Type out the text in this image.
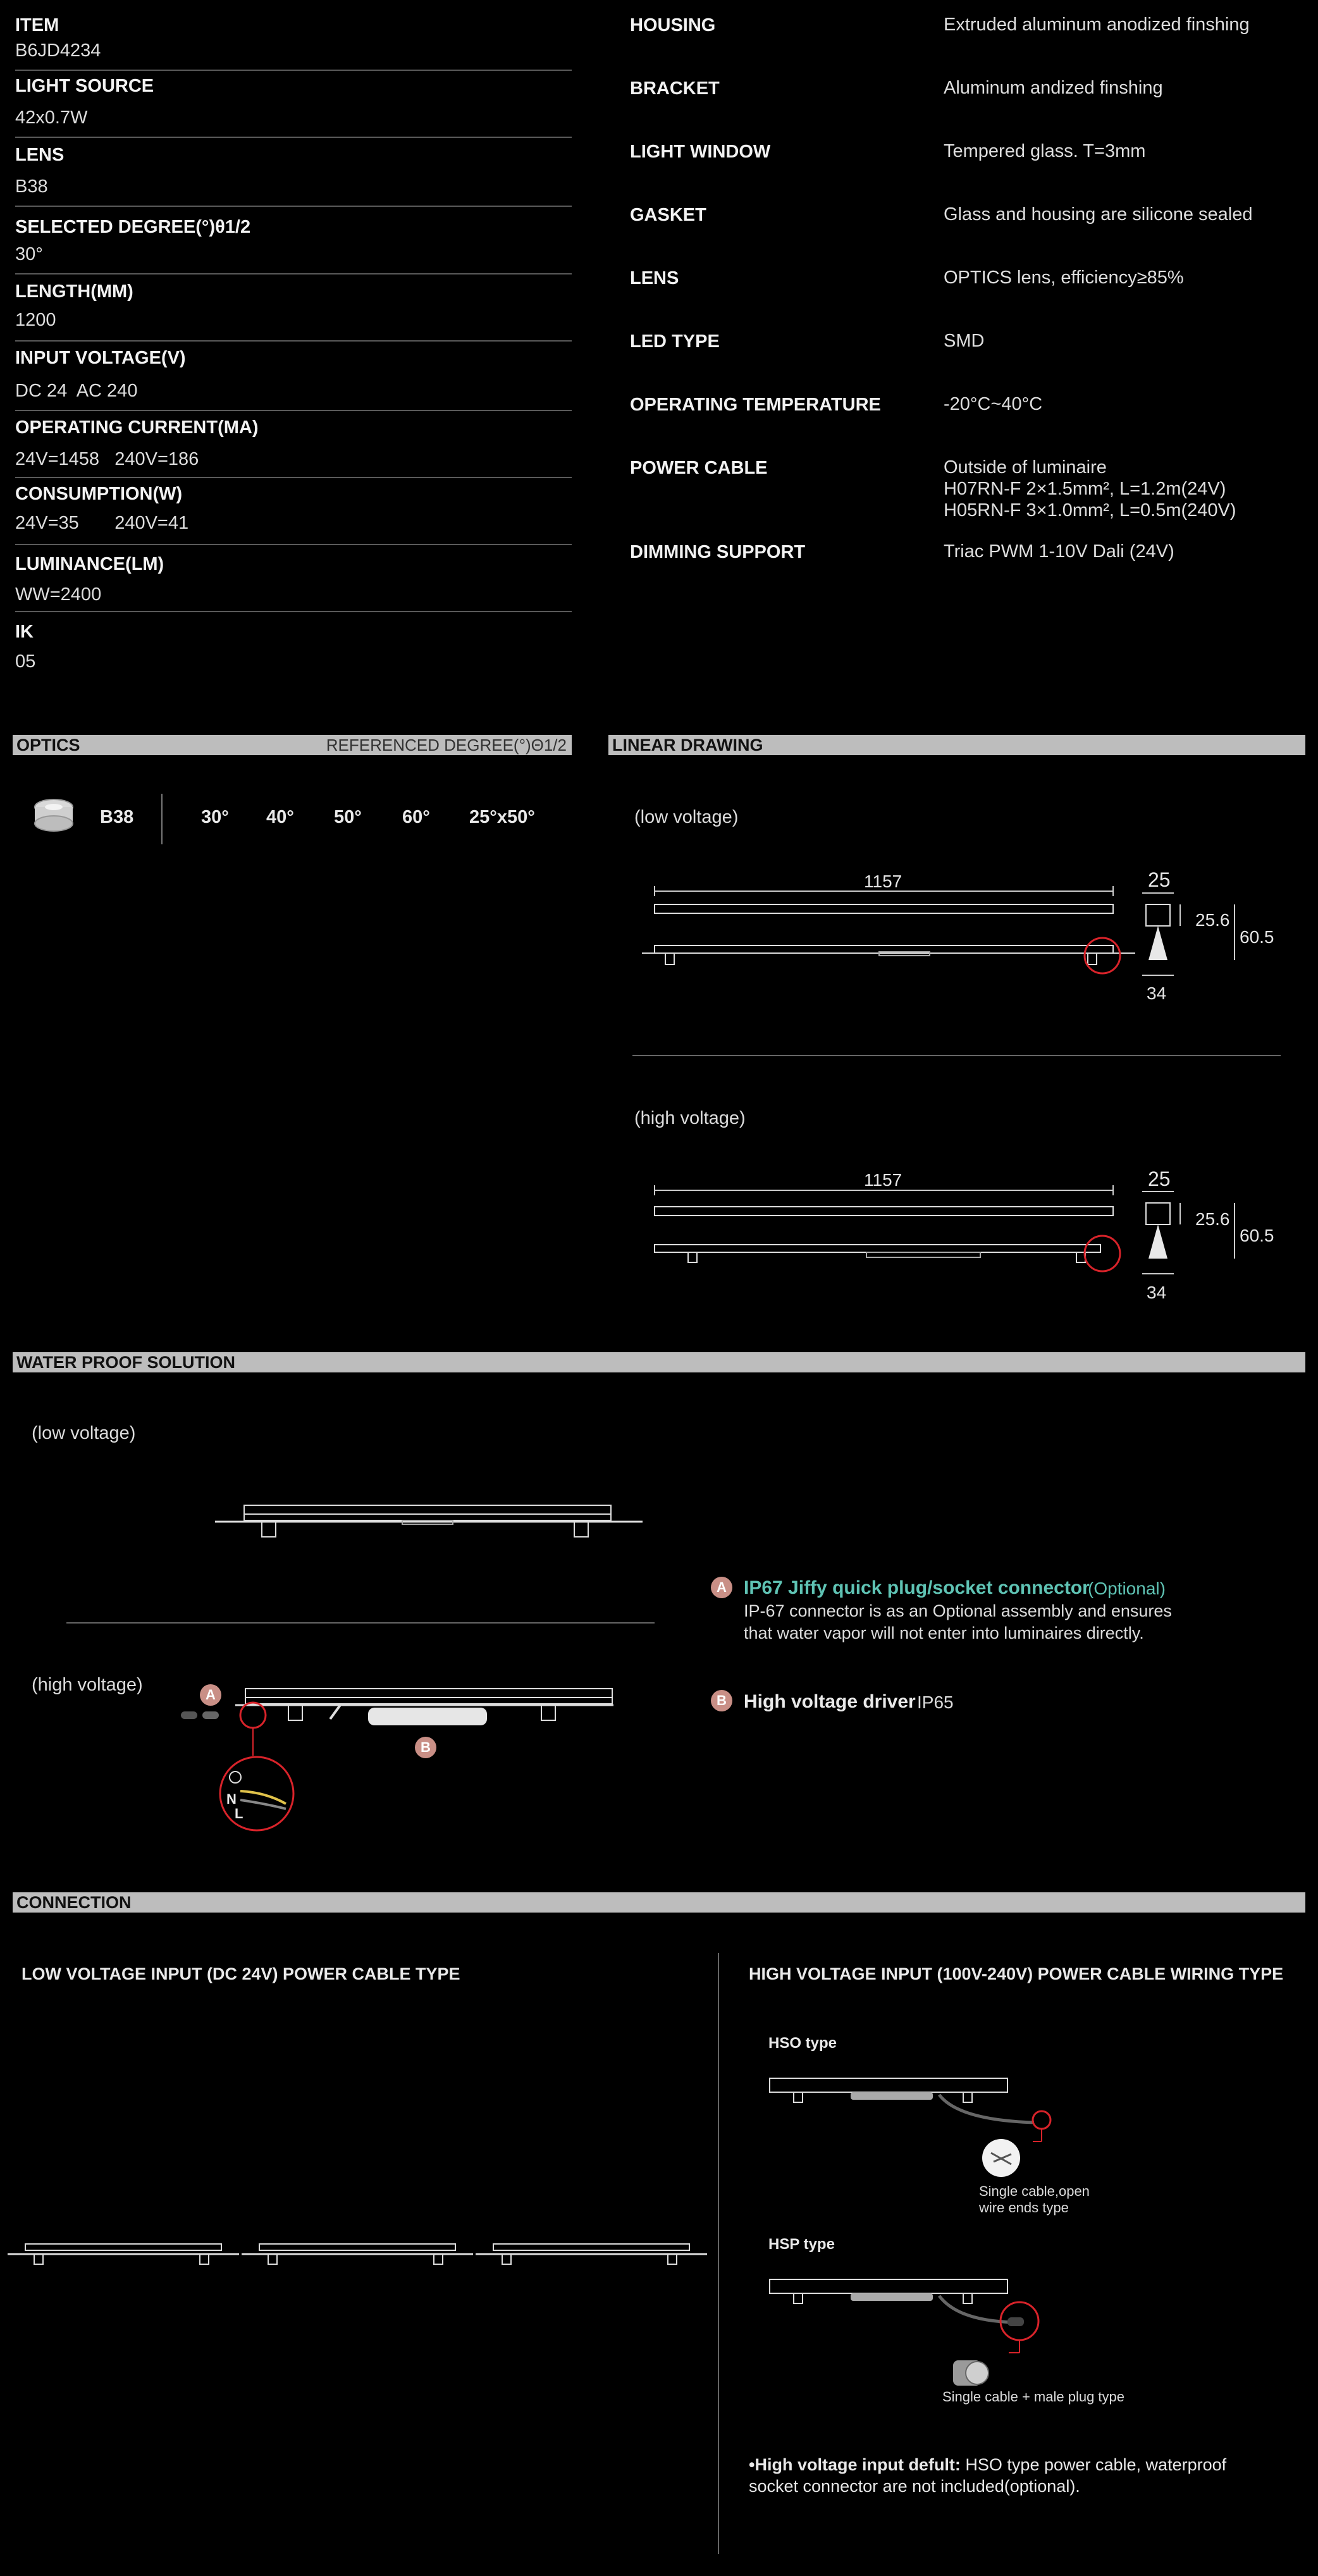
ITEM
B6JD4234
LIGHT SOURCE
42x0.7W
LENS
B38
SELECTED DEGREE(°)θ1/2
30°
LENGTH(MM)
1200
INPUT VOLTAGE(V)
DC 24  AC 240
OPERATING CURRENT(MA)
24V=1458   240V=186
CONSUMPTION(W)
24V=35       240V=41
LUMINANCE(LM)
WW=2400
IK
05
HOUSING	Extruded aluminum anodized finshing
BRACKET	Aluminum andized finshing
LIGHT WINDOW	Tempered glass. T=3mm
GASKET	Glass and housing are silicone sealed
LENS	OPTICS lens, efficiency≥85%
LED TYPE	SMD
OPERATING TEMPERATURE	-20°C~40°C
POWER CABLE	Outside of luminaire
H07RN-F 2×1.5mm², L=1.2m(24V)
H05RN-F 3×1.0mm², L=0.5m(240V)
DIMMING SUPPORT	Triac PWM 1-10V Dali (24V)
OPTICS	REFERENCED DEGREE(°)Θ1/2
B38	30° 40° 50° 60° 25°x50°
LINEAR DRAWING
(low voltage)
1157	25
25.6
60.5
34
(high voltage)
1157	25
25.6
60.5
34
WATER PROOF SOLUTION
(low voltage)
(high voltage)	A
B
N
L
A IP67 Jiffy quick plug/socket connector
(Optional)
IP-67 connector is as an Optional assembly and ensures
that water vapor will not enter into luminaires directly.
B High voltage driver IP65
CONNECTION
LOW VOLTAGE INPUT (DC 24V) POWER CABLE TYPE	HIGH VOLTAGE INPUT (100V-240V) POWER CABLE WIRING TYPE
HSO type
Single cable,open
wire ends type
HSP type
Single cable + male plug type
•High voltage input defult: HSO type power cable, waterproof
socket connector are not included(optional).
